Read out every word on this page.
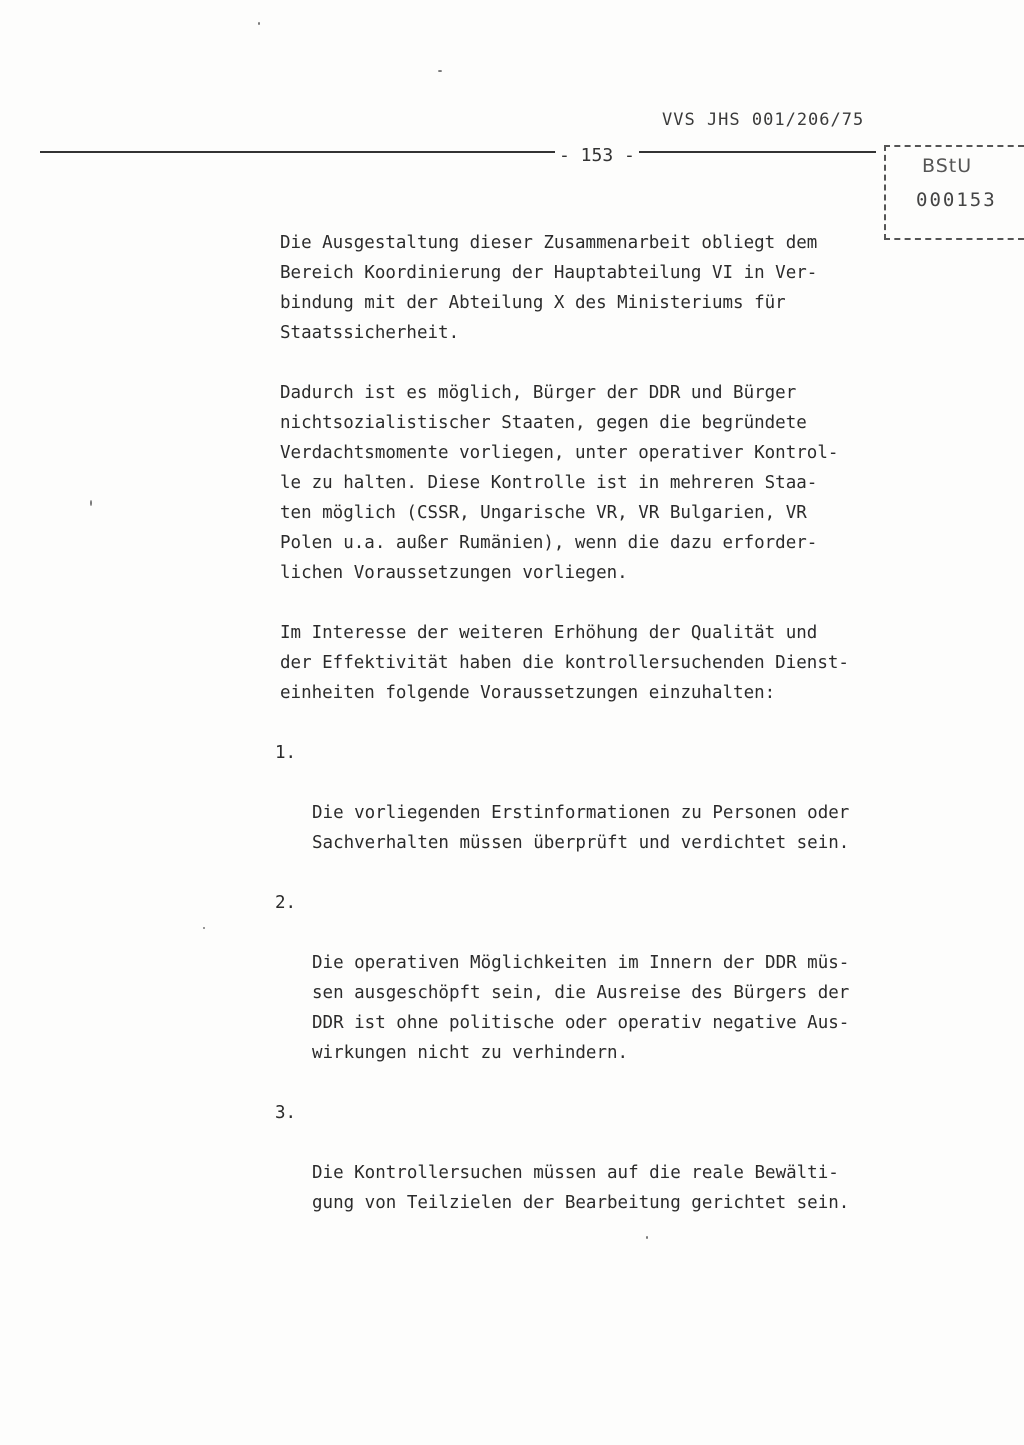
VVS JHS 001/206/75
- 153 -	BStU
000153

Die Ausgestaltung dieser Zusammenarbeit obliegt dem
Bereich Koordinierung der Hauptabteilung VI in Ver-
bindung mit der Abteilung X des Ministeriums für
Staatssicherheit.

Dadurch ist es möglich, Bürger der DDR und Bürger
nichtsozialistischer Staaten, gegen die begründete
Verdachtsmomente vorliegen, unter operativer Kontrol-
le zu halten. Diese Kontrolle ist in mehreren Staa-
ten möglich (CSSR, Ungarische VR, VR Bulgarien, VR
Polen u.a. außer Rumänien), wenn die dazu erforder-
lichen Voraussetzungen vorliegen.

Im Interesse der weiteren Erhöhung der Qualität und
der Effektivität haben die kontrollersuchenden Dienst-
einheiten folgende Voraussetzungen einzuhalten:

1.

Die vorliegenden Erstinformationen zu Personen oder
Sachverhalten müssen überprüft und verdichtet sein.

2.

Die operativen Möglichkeiten im Innern der DDR müs-
sen ausgeschöpft sein, die Ausreise des Bürgers der
DDR ist ohne politische oder operativ negative Aus-
wirkungen nicht zu verhindern.

3.

Die Kontrollersuchen müssen auf die reale Bewälti-
gung von Teilzielen der Bearbeitung gerichtet sein.
